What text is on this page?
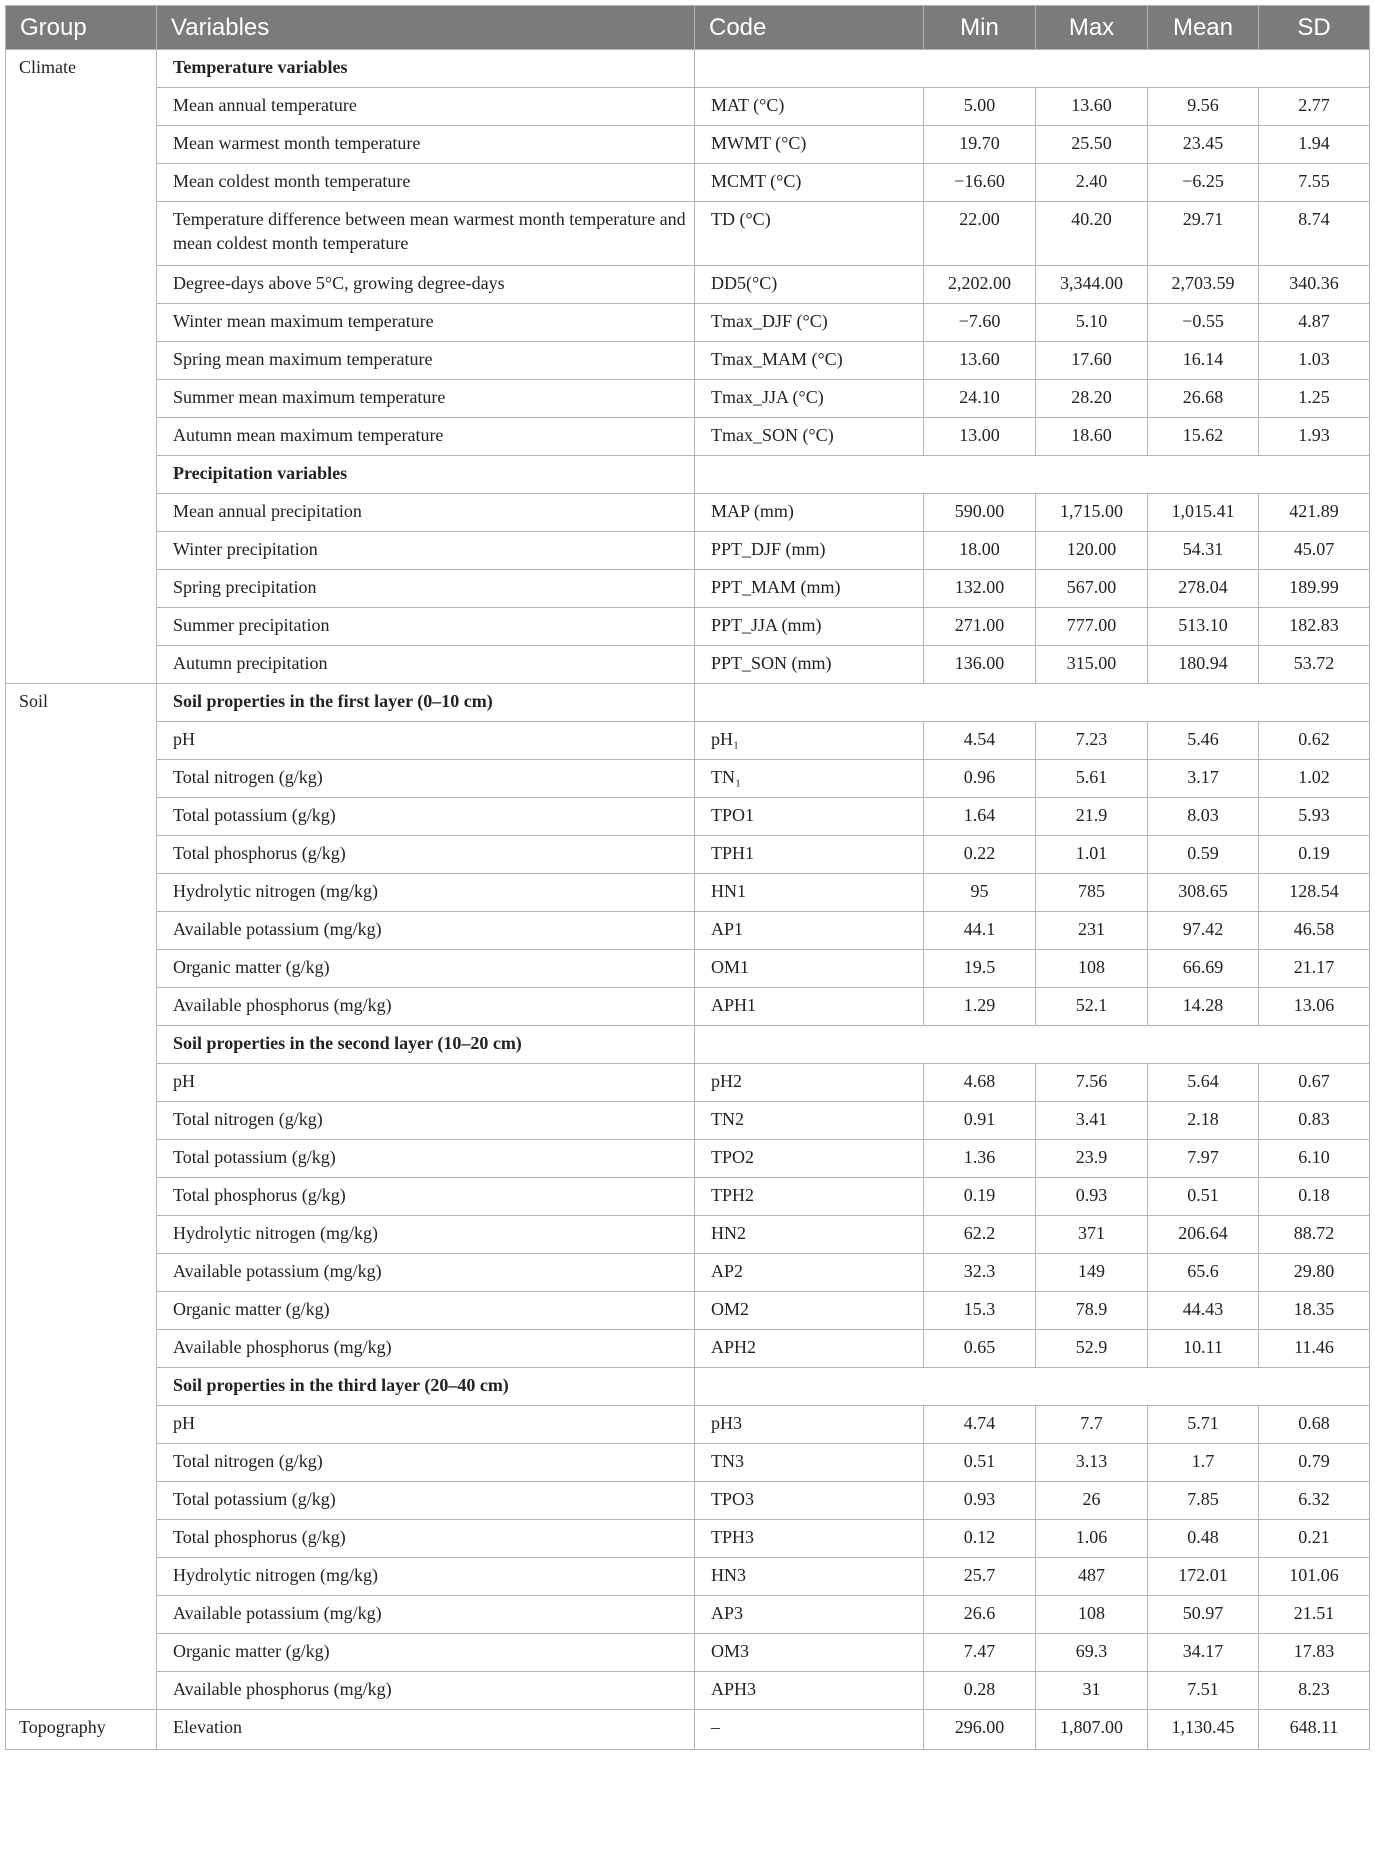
Group	Variables	Code	Min	Max	Mean	SD
Climate	Temperature variables					
	Mean annual temperature	MAT (°C)	5.00	13.60	9.56	2.77
	Mean warmest month temperature	MWMT (°C)	19.70	25.50	23.45	1.94
	Mean coldest month temperature	MCMT (°C)	−16.60	2.40	−6.25	7.55
	Temperature difference between mean warmest month temperature and mean coldest month temperature	TD (°C)	22.00	40.20	29.71	8.74
	Degree-days above 5°C, growing degree-days	DD5(°C)	2,202.00	3,344.00	2,703.59	340.36
	Winter mean maximum temperature	Tmax_DJF (°C)	−7.60	5.10	−0.55	4.87
	Spring mean maximum temperature	Tmax_MAM (°C)	13.60	17.60	16.14	1.03
	Summer mean maximum temperature	Tmax_JJA (°C)	24.10	28.20	26.68	1.25
	Autumn mean maximum temperature	Tmax_SON (°C)	13.00	18.60	15.62	1.93
	Precipitation variables					
	Mean annual precipitation	MAP (mm)	590.00	1,715.00	1,015.41	421.89
	Winter precipitation	PPT_DJF (mm)	18.00	120.00	54.31	45.07
	Spring precipitation	PPT_MAM (mm)	132.00	567.00	278.04	189.99
	Summer precipitation	PPT_JJA (mm)	271.00	777.00	513.10	182.83
	Autumn precipitation	PPT_SON (mm)	136.00	315.00	180.94	53.72
Soil	Soil properties in the first layer (0–10 cm)					
	pH	pH₁	4.54	7.23	5.46	0.62
	Total nitrogen (g/kg)	TN₁	0.96	5.61	3.17	1.02
	Total potassium (g/kg)	TPO1	1.64	21.9	8.03	5.93
	Total phosphorus (g/kg)	TPH1	0.22	1.01	0.59	0.19
	Hydrolytic nitrogen (mg/kg)	HN1	95	785	308.65	128.54
	Available potassium (mg/kg)	AP1	44.1	231	97.42	46.58
	Organic matter (g/kg)	OM1	19.5	108	66.69	21.17
	Available phosphorus (mg/kg)	APH1	1.29	52.1	14.28	13.06
	Soil properties in the second layer (10–20 cm)					
	pH	pH2	4.68	7.56	5.64	0.67
	Total nitrogen (g/kg)	TN2	0.91	3.41	2.18	0.83
	Total potassium (g/kg)	TPO2	1.36	23.9	7.97	6.10
	Total phosphorus (g/kg)	TPH2	0.19	0.93	0.51	0.18
	Hydrolytic nitrogen (mg/kg)	HN2	62.2	371	206.64	88.72
	Available potassium (mg/kg)	AP2	32.3	149	65.6	29.80
	Organic matter (g/kg)	OM2	15.3	78.9	44.43	18.35
	Available phosphorus (mg/kg)	APH2	0.65	52.9	10.11	11.46
	Soil properties in the third layer (20–40 cm)					
	pH	pH3	4.74	7.7	5.71	0.68
	Total nitrogen (g/kg)	TN3	0.51	3.13	1.7	0.79
	Total potassium (g/kg)	TPO3	0.93	26	7.85	6.32
	Total phosphorus (g/kg)	TPH3	0.12	1.06	0.48	0.21
	Hydrolytic nitrogen (mg/kg)	HN3	25.7	487	172.01	101.06
	Available potassium (mg/kg)	AP3	26.6	108	50.97	21.51
	Organic matter (g/kg)	OM3	7.47	69.3	34.17	17.83
	Available phosphorus (mg/kg)	APH3	0.28	31	7.51	8.23
Topography	Elevation	–	296.00	1,807.00	1,130.45	648.11
